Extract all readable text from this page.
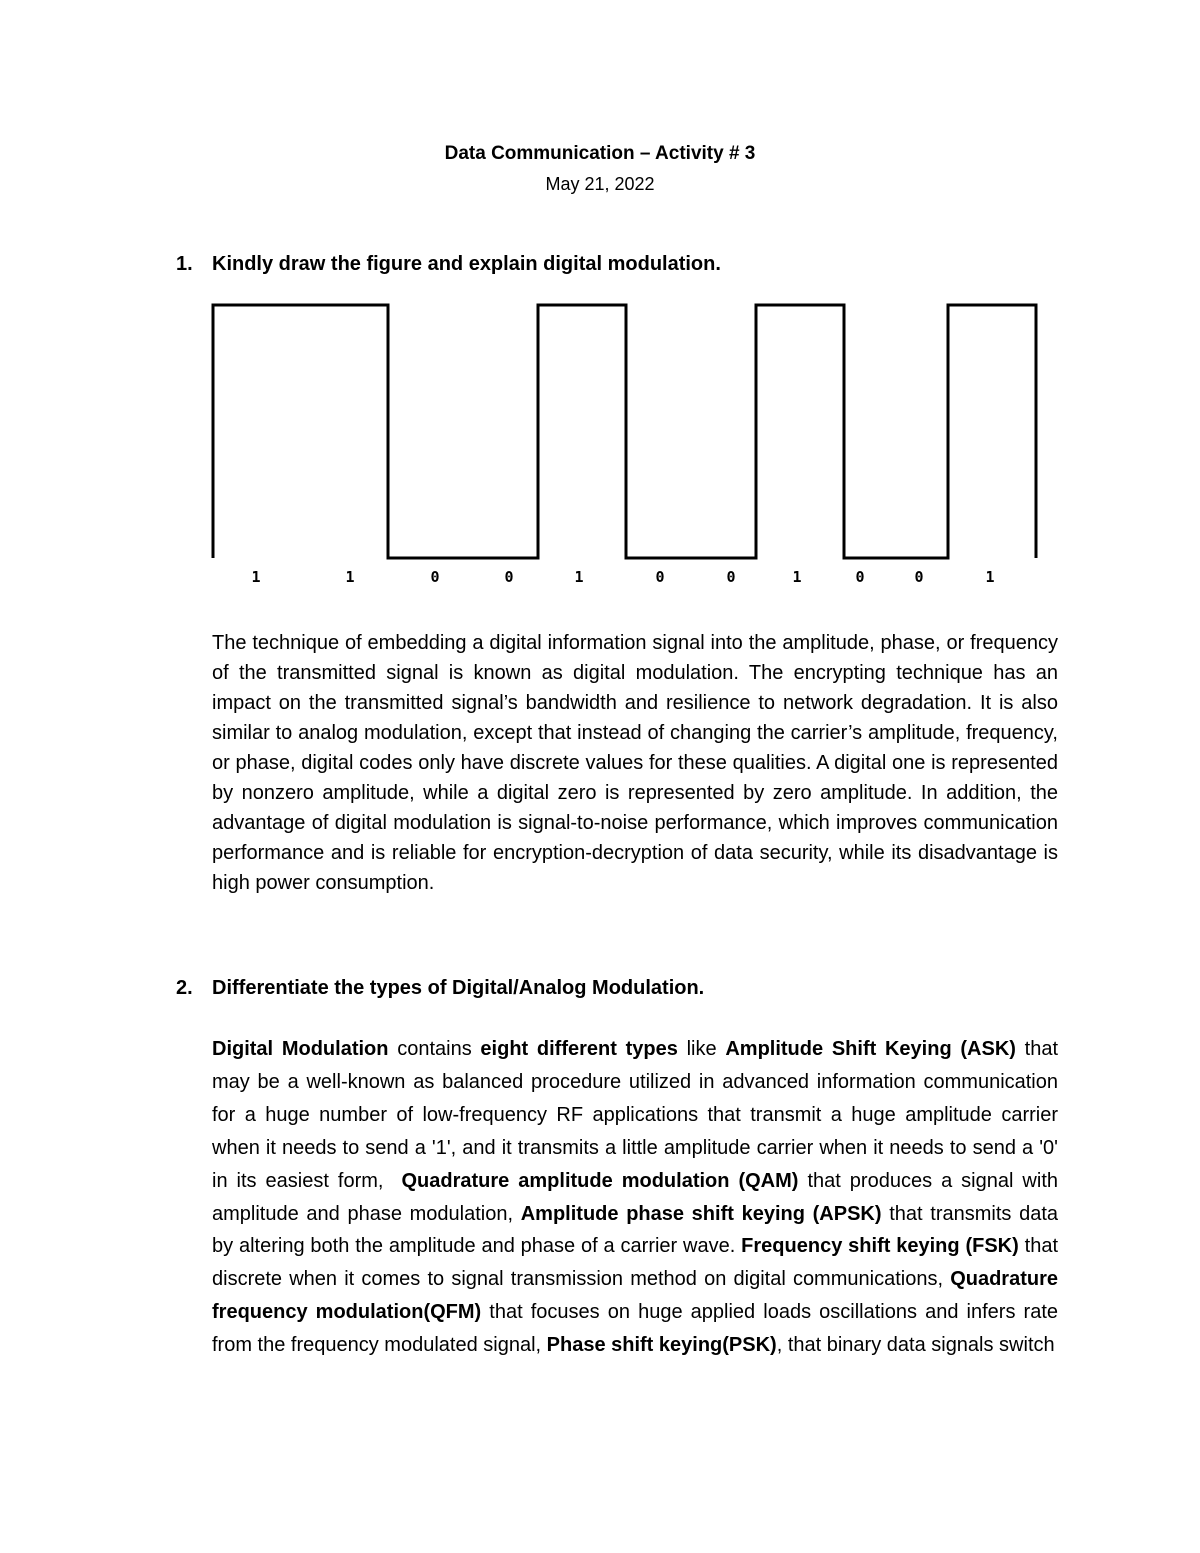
Data Communication – Activity # 3
May 21, 2022
1. Kindly draw the figure and explain digital modulation.
1	1	0	0	1	0	0	1	0	0	1
The technique of embedding a digital information signal into the amplitude, phase, or frequency of the transmitted signal is known as digital modulation. The encrypting technique has an impact on the transmitted signal’s bandwidth and resilience to network degradation. It is also similar to analog modulation, except that instead of changing the carrier’s amplitude, frequency, or phase, digital codes only have discrete values for these qualities. A digital one is represented by nonzero amplitude, while a digital zero is represented by zero amplitude. In addition, the advantage of digital modulation is signal-to-noise performance, which improves communication performance and is reliable for encryption-decryption of data security, while its disadvantage is high power consumption.
2. Differentiate the types of Digital/Analog Modulation.
Digital Modulation contains eight different types like Amplitude Shift Keying (ASK) that may be a well-known as balanced procedure utilized in advanced information communication for a huge number of low-frequency RF applications that transmit a huge amplitude carrier when it needs to send a '1', and it transmits a little amplitude carrier when it needs to send a '0' in its easiest form,  Quadrature amplitude modulation (QAM) that produces a signal with amplitude and phase modulation, Amplitude phase shift keying (APSK) that transmits data by altering both the amplitude and phase of a carrier wave. Frequency shift keying (FSK) that discrete when it comes to signal transmission method on digital communications, Quadrature frequency modulation(QFM) that focuses on huge applied loads oscillations and infers rate from the frequency modulated signal, Phase shift keying(PSK), that binary data signals switch
